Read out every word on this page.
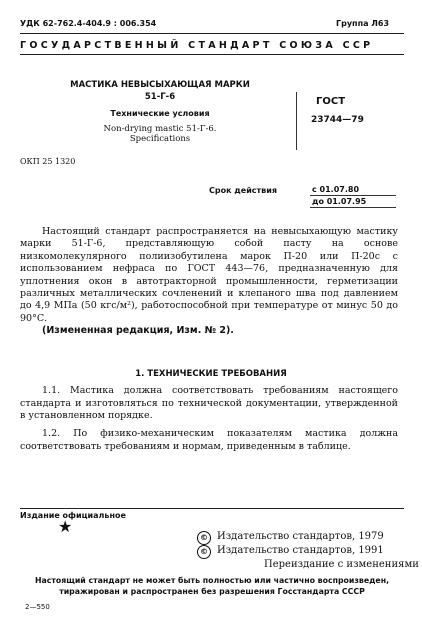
УДК 62-762.4-404.9 : 006.354	Группа Л63
ГОСУДАРСТВЕННЫЙ СТАНДАРТ СОЮЗА ССР
МАСТИКА НЕВЫСЫХАЮЩАЯ МАРКИ
51-Г-6
Технические условия
Non-drying mastic 51-Г-6.
Specifications
ГОСТ
23744—79
ОКП 25 1320
Срок действия	с 01.07.80
до 01.07.95
Настоящий стандарт распространяется на невысыхающую мастику марки 51-Г-6, представляющую собой пасту на основе низкомолекулярного полиизобутилена марок П-20 или П-20с с использованием нефраса по ГОСТ 443—76, предназначенную для уплотнения окон в автотракторной промышленности, герметизации различных металлических сочленений и клепаного шва под давлением до 4,9 МПа (50 кгс/м²), работоспособной при температуре от минус 50 до 90°С.
(Измененная редакция, Изм. № 2).
1. ТЕХНИЧЕСКИЕ ТРЕБОВАНИЯ
1.1. Мастика должна соответствовать требованиям настоящего стандарта и изготовляться по технической документации, утвержденной в установленном порядке.
1.2. По физико-механическим показателям мастика должна соответствовать требованиям и нормам, приведенным в таблице.
Издание официальное
★
© Издательство стандартов, 1979
© Издательство стандартов, 1991
Переиздание с изменениями
Настоящий стандарт не может быть полностью или частично воспроизведен, тиражирован и распространен без разрешения Госстандарта СССР
2—550
